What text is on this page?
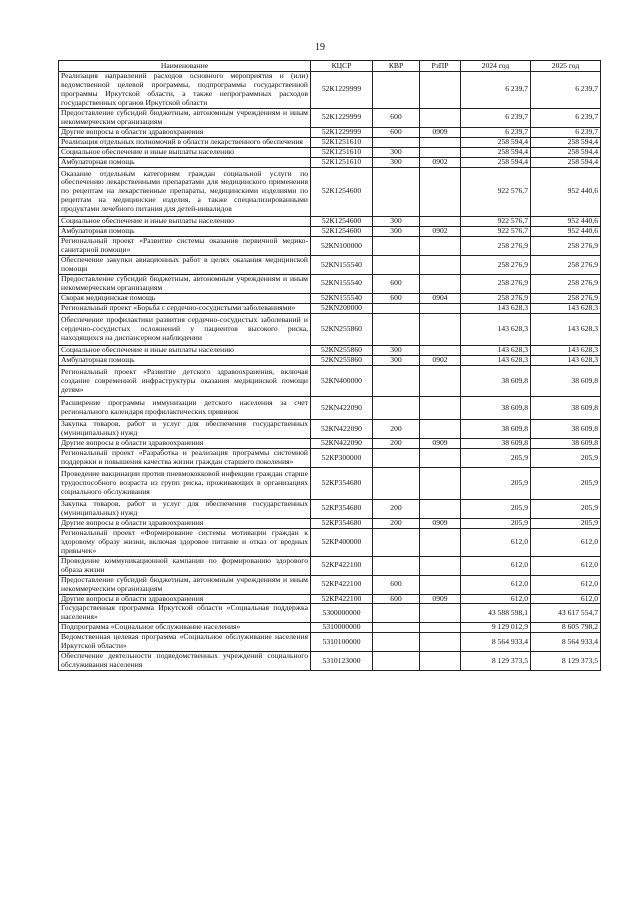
19
Наименование	КЦСР	КВР	РзПР	2024 год	2025 год
Реализация направлений расходов основного мероприятия и (или) ведомственной целевой программы, подпрограммы государственной программы Иркутской области, а также непрограммных расходов государственных органов Иркутской области	52К1229999			6 239,7	6 239,7
Предоставление субсидий бюджетным, автономным учреждениям и иным некоммерческим организациям	52К1229999	600		6 239,7	6 239,7
Другие вопросы в области здравоохранения	52К1229999	600	0909	6 239,7	6 239,7
Реализация отдельных полномочий в области лекарственного обеспечения	52К1251610			258 594,4	258 594,4
Социальное обеспечение и иные выплаты населению	52К1251610	300		258 594,4	258 594,4
Амбулаторная помощь	52К1251610	300	0902	258 594,4	258 594,4
Оказание отдельным категориям граждан социальной услуги по обеспечению лекарственными препаратами для медицинского применения по рецептам на лекарственные препараты, медицинскими изделиями по рецептам на медицинские изделия, а также специализированными продуктами лечебного питания для детей-инвалидов	52К1254600			922 576,7	952 440,6
Социальное обеспечение и иные выплаты населению	52К1254600	300		922 576,7	952 440,6
Амбулаторная помощь	52К1254600	300	0902	922 576,7	952 440,6
Региональный проект «Развитие системы оказания первичной медико-санитарной помощи»	52КN100000			258 276,9	258 276,9
Обеспечение закупки авиационных работ в целях оказания медицинской помощи	52КN155540			258 276,9	258 276,9
Предоставление субсидий бюджетным, автономным учреждениям и иным некоммерческим организациям	52КN155540	600		258 276,9	258 276,9
Скорая медицинская помощь	52КN155540	600	0904	258 276,9	258 276,9
Региональный проект «Борьба с сердечно-сосудистыми заболеваниями»	52КN200000			143 628,3	143 628,3
Обеспечение профилактики развития сердечно-сосудистых заболеваний и сердечно-сосудистых осложнений у пациентов высокого риска, находящихся на диспансерном наблюдении	52КN255860			143 628,3	143 628,3
Социальное обеспечение и иные выплаты населению	52КN255860	300		143 628,3	143 628,3
Амбулаторная помощь	52КN255860	300	0902	143 628,3	143 628,3
Региональный проект «Развитие детского здравоохранения, включая создание современной инфраструктуры оказания медицинской помощи детям»	52КN400000			38 609,8	38 609,8
Расширение программы иммунизации детского населения за счет регионального календаря профилактических прививок	52КN422090			38 609,8	38 609,8
Закупка товаров, работ и услуг для обеспечения государственных (муниципальных) нужд	52КN422090	200		38 609,8	38 609,8
Другие вопросы в области здравоохранения	52КN422090	200	0909	38 609,8	38 609,8
Региональный проект «Разработка и реализация программы системной поддержки и повышения качества жизни граждан старшего поколения»	52КР300000			205,9	205,9
Проведение вакцинации против пневмококковой инфекции граждан старше трудоспособного возраста из групп риска, проживающих в организациях социального обслуживания	52КР354680			205,9	205,9
Закупка товаров, работ и услуг для обеспечения государственных (муниципальных) нужд	52КР354680	200		205,9	205,9
Другие вопросы в области здравоохранения	52КР354680	200	0909	205,9	205,9
Региональный проект «Формирование системы мотивации граждан к здоровому образу жизни, включая здоровое питание и отказ от вредных привычек»	52КР400000			612,0	612,0
Проведение коммуникационной кампании по формированию здорового образа жизни	52КР422100			612,0	612,0
Предоставление субсидий бюджетным, автономным учреждениям и иным некоммерческим организациям	52КР422100	600		612,0	612,0
Другие вопросы в области здравоохранения	52КР422100	600	0909	612,0	612,0
Государственная программа Иркутской области «Социальная поддержка населения»	5300000000			43 588 598,1	43 617 554,7
Подпрограмма «Социальное обслуживание населения»	5310000000			9 129 012,9	8 605 798,2
Ведомственная целевая программа «Социальное обслуживание населения Иркутской области»	5310100000			8 564 933,4	8 564 933,4
Обеспечение деятельности подведомственных учреждений социального обслуживания населения	5310123000			8 129 373,5	8 129 373,5
